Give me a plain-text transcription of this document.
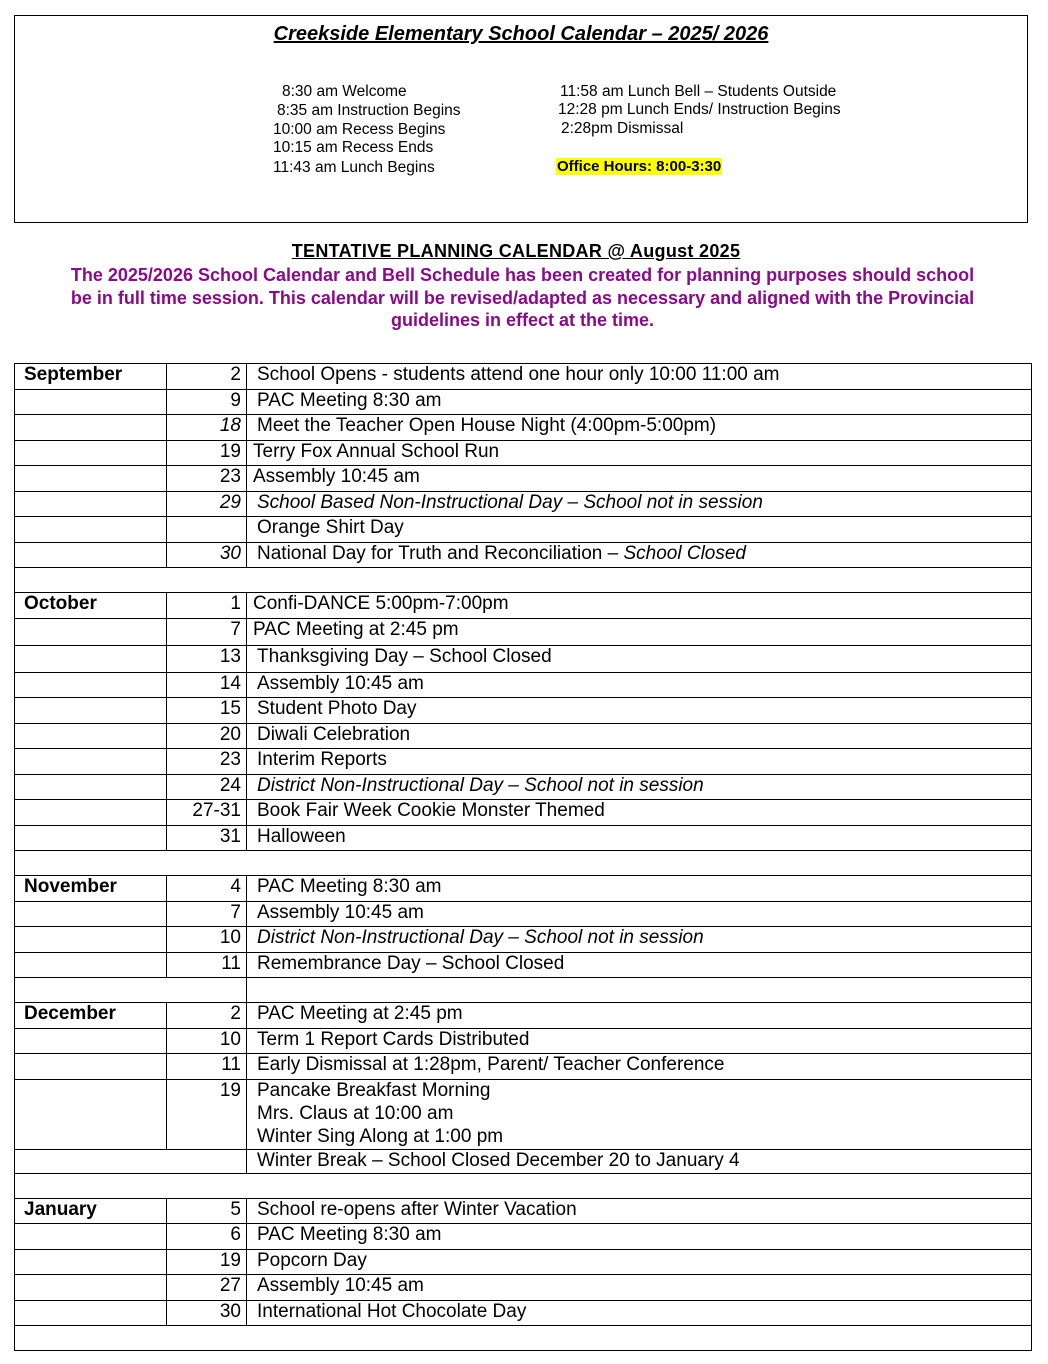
Creekside Elementary School Calendar – 2025/ 2026
8:30 am Welcome
8:35 am Instruction Begins
10:00 am Recess Begins
10:15 am Recess Ends
11:43 am Lunch Begins
11:58 am Lunch Bell – Students Outside
12:28 pm Lunch Ends/ Instruction Begins
2:28pm Dismissal
Office Hours: 8:00-3:30
TENTATIVE PLANNING CALENDAR @ August 2025
The 2025/2026 School Calendar and Bell Schedule has been created for planning purposes should school be in full time session. This calendar will be revised/adapted as necessary and aligned with the Provincial guidelines in effect at the time.
September	2	School Opens - students attend one hour only 10:00 11:00 am
	9	PAC Meeting 8:30 am
	18	Meet the Teacher Open House Night (4:00pm-5:00pm)
	19	Terry Fox Annual School Run
	23	Assembly 10:45 am
	29	School Based Non-Instructional Day – School not in session
		Orange Shirt Day
	30	National Day for Truth and Reconciliation – School Closed

October	1	Confi-DANCE 5:00pm-7:00pm
	7	PAC Meeting at 2:45 pm
	13	Thanksgiving Day – School Closed
	14	Assembly 10:45 am
	15	Student Photo Day
	20	Diwali Celebration
	23	Interim Reports
	24	District Non-Instructional Day – School not in session
	27-31	Book Fair Week Cookie Monster Themed
	31	Halloween

November	4	PAC Meeting 8:30 am
	7	Assembly 10:45 am
	10	District Non-Instructional Day – School not in session
	11	Remembrance Day – School Closed

December	2	PAC Meeting at 2:45 pm
	10	Term 1 Report Cards Distributed
	11	Early Dismissal at 1:28pm, Parent/ Teacher Conference
	19	Pancake Breakfast Morning
Mrs. Claus at 10:00 am
Winter Sing Along at 1:00 pm

		Winter Break – School Closed December 20 to January 4

January	5	School re-opens after Winter Vacation
	6	PAC Meeting 8:30 am
	19	Popcorn Day
	27	Assembly 10:45 am
	30	International Hot Chocolate Day
